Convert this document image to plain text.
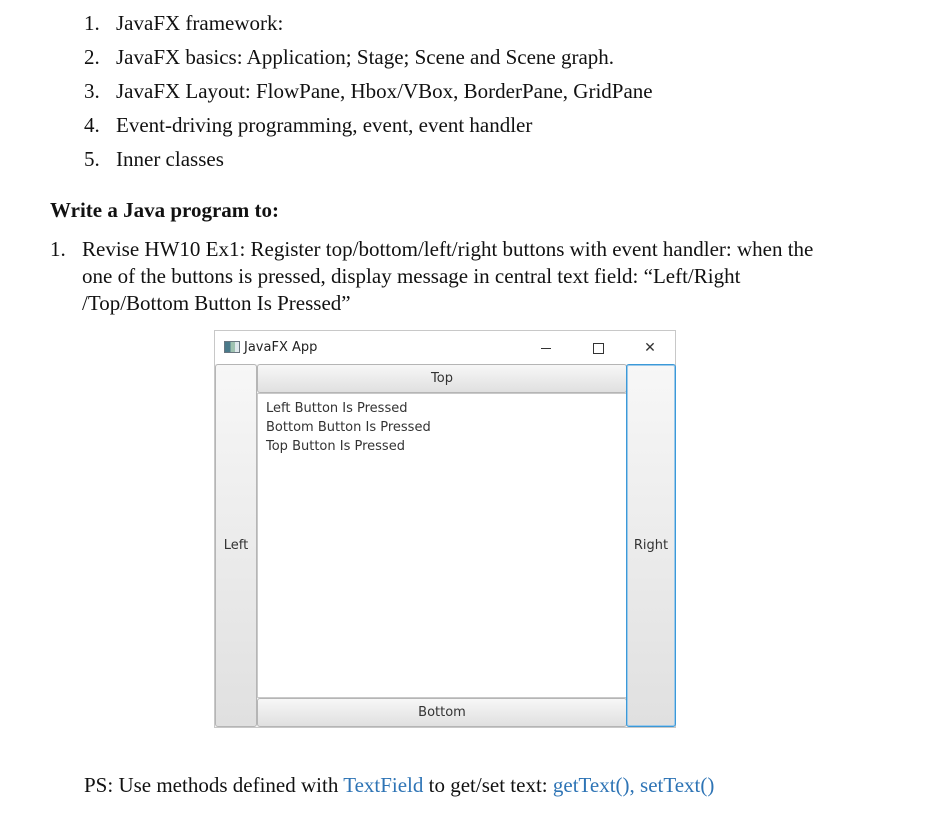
1. JavaFX framework:
2. JavaFX basics: Application; Stage; Scene and Scene graph.
3. JavaFX Layout: FlowPane, Hbox/VBox, BorderPane, GridPane
4. Event-driving programming, event, event handler
5. Inner classes
Write a Java program to:
1. Revise HW10 Ex1: Register top/bottom/left/right buttons with event handler: when the one of the buttons is pressed, display message in central text field: “Left/Right /Top/Bottom Button Is Pressed”
JavaFX App	✕
Left
Top
Left Button Is Pressed
Bottom Button Is Pressed
Top Button Is Pressed
Bottom
Right
PS: Use methods defined with TextField to get/set text: getText(), setText()
